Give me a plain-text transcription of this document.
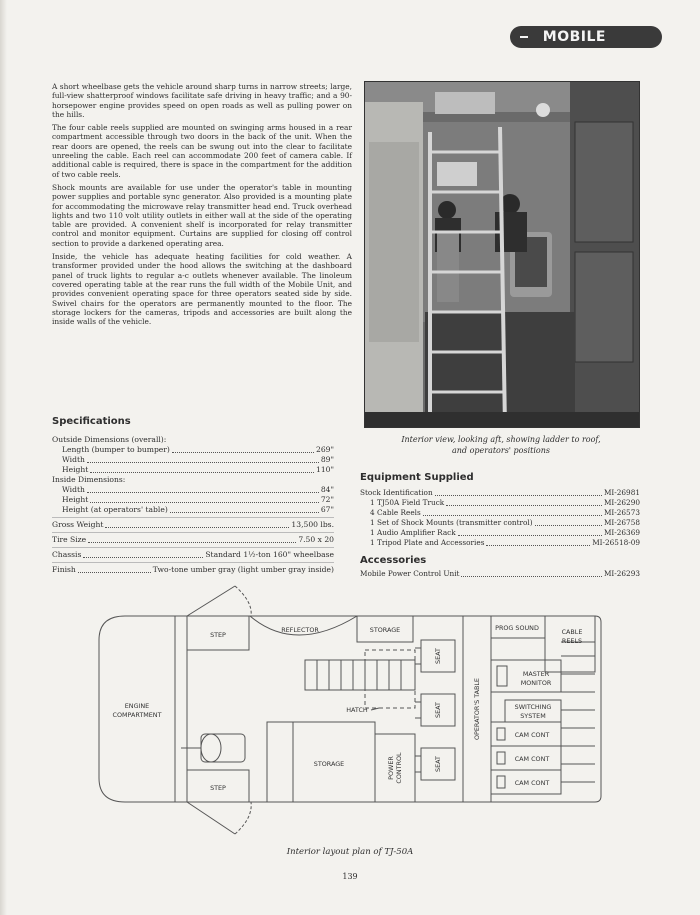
MOBILE

A short wheelbase gets the vehicle around sharp turns in narrow streets; large, full-view shatterproof windows facilitate safe driving in heavy traffic; and a 90-horsepower engine provides speed on open roads as well as pulling power on the hills.

The four cable reels supplied are mounted on swinging arms housed in a rear compartment accessible through two doors in the back of the unit. When the rear doors are opened, the reels can be swung out into the clear to facilitate unreeling the cable. Each reel can accommodate 200 feet of camera cable. If additional cable is required, there is space in the compartment for the addition of two cable reels.

Shock mounts are available for use under the operator's table in mounting power supplies and portable sync generator. Also provided is a mounting plate for accommodating the microwave relay transmitter head end. Truck overhead lights and two 110 volt utility outlets in either wall at the side of the operating table are provided. A convenient shelf is incorporated for relay transmitter control and monitor equipment. Curtains are supplied for closing off control section to provide a darkened operating area.

Inside, the vehicle has adequate heating facilities for cold weather. A transformer provided under the hood allows the switching at the dashboard panel of truck lights to regular a-c outlets whenever available. The linoleum covered operating table at the rear runs the full width of the Mobile Unit, and provides convenient operating space for three operators seated side by side. Swivel chairs for the operators are permanently mounted to the floor. The storage lockers for the cameras, tripods and accessories are built along the inside walls of the vehicle.

Interior view, looking aft, showing ladder to roof,
and operators' positions
Specifications
Outside Dimensions (overall):
Length (bumper to bumper)	269"
Width	89"
Height	110"
Inside Dimensions:
Width	84"
Height	72"
Height (at operators' table)	67"
Gross Weight	13,500 lbs.
Tire Size	7.50 x 20
Chassis	Standard 1½-ton 160" wheelbase
Finish	Two-tone umber gray (light umber gray inside)
Equipment Supplied
Stock Identification	MI-26981
1 TJ50A Field Truck	MI-26290
4 Cable Reels	MI-26573
1 Set of Shock Mounts (transmitter control)	MI-26758
1 Audio Amplifier Rack	MI-26369
1 Tripod Plate and Accessories	MI-26518-09
Accessories
Mobile Power Control Unit	MI-26293
STEP
REFLECTOR	STORAGE	PROG SOUND	CABLE
REELS
ENGINE
COMPARTMENT
HATCH
STORAGE
STEP
MASTER
MONITOR
SWITCHING
SYSTEM
CAM CONT
CAM CONT
CAM CONT
SEAT
SEAT
SEAT
OPERATOR'S TABLE
POWER CONTROL
Interior layout plan of TJ-50A
139
